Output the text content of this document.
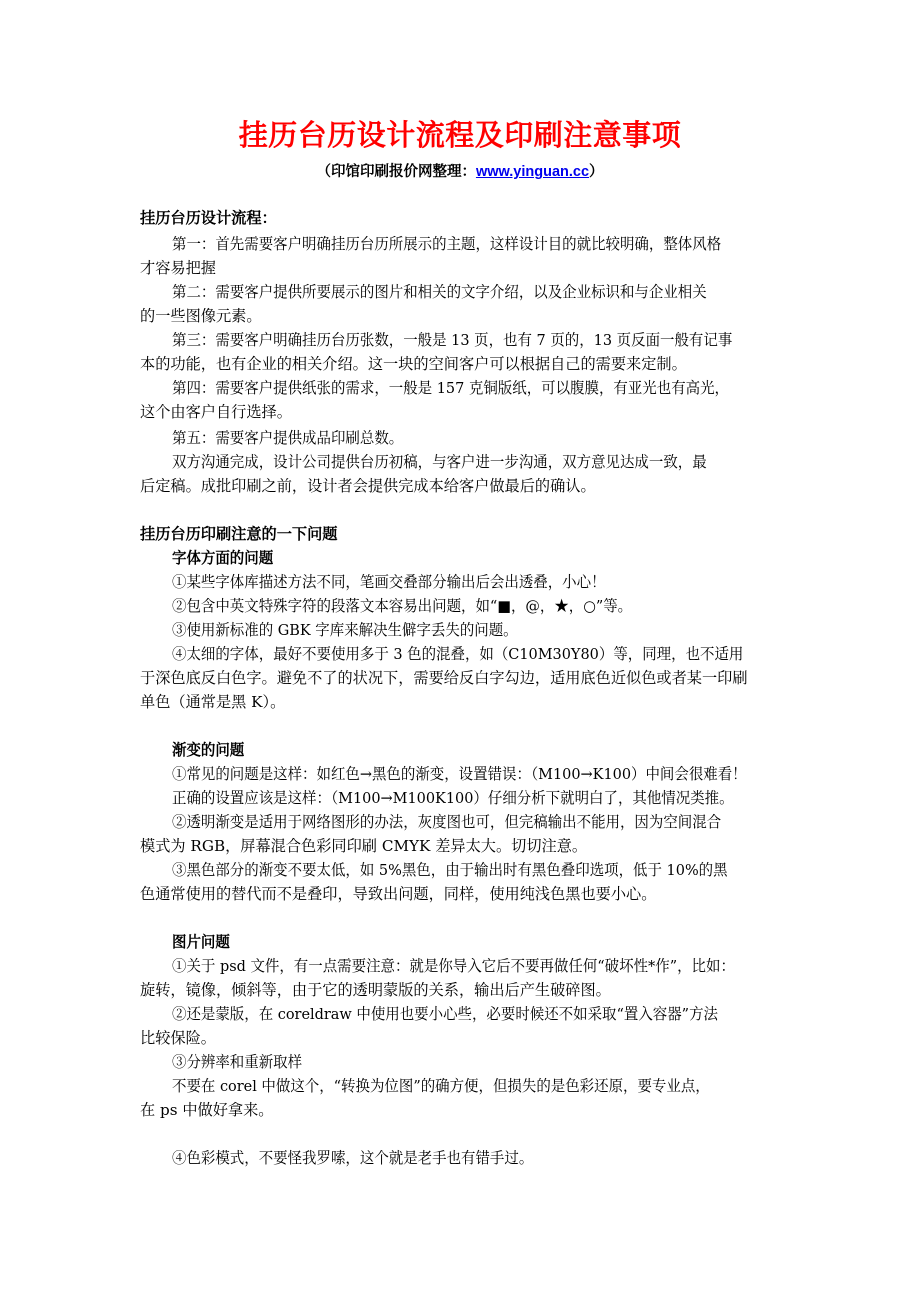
挂历台历设计流程及印刷注意事项
（印馆印刷报价网整理：www.yinguan.cc）
挂历台历设计流程：
第一：首先需要客户明确挂历台历所展示的主题，这样设计目的就比较明确，整体风格
才容易把握
第二：需要客户提供所要展示的图片和相关的文字介绍，以及企业标识和与企业相关
的一些图像元素。
第三：需要客户明确挂历台历张数，一般是 13 页，也有 7 页的，13 页反面一般有记事
本的功能，也有企业的相关介绍。这一块的空间客户可以根据自己的需要来定制。
第四：需要客户提供纸张的需求，一般是 157 克铜版纸，可以腹膜，有亚光也有高光，
这个由客户自行选择。
第五：需要客户提供成品印刷总数。
双方沟通完成，设计公司提供台历初稿，与客户进一步沟通，双方意见达成一致，最
后定稿。成批印刷之前，设计者会提供完成本给客户做最后的确认。
挂历台历印刷注意的一下问题
字体方面的问题
①某些字体库描述方法不同，笔画交叠部分输出后会出透叠，小心！
②包含中英文特殊字符的段落文本容易出问题，如“■，@，★，○”等。
③使用新标准的 GBK 字库来解决生僻字丢失的问题。
④太细的字体，最好不要使用多于 3 色的混叠，如（C10M30Y80）等，同理，也不适用
于深色底反白色字。避免不了的状况下，需要给反白字勾边，适用底色近似色或者某一印刷
单色（通常是黑 K）。
渐变的问题
①常见的问题是这样：如红色→黑色的渐变，设置错误：（M100→K100）中间会很难看！
正确的设置应该是这样：（M100→M100K100）仔细分析下就明白了，其他情况类推。
②透明渐变是适用于网络图形的办法，灰度图也可，但完稿输出不能用，因为空间混合
模式为 RGB，屏幕混合色彩同印刷 CMYK 差异太大。切切注意。
③黑色部分的渐变不要太低，如 5%黑色，由于输出时有黑色叠印选项，低于 10%的黑
色通常使用的替代而不是叠印，导致出问题，同样，使用纯浅色黑也要小心。
图片问题
①关于 psd 文件，有一点需要注意：就是你导入它后不要再做任何“破坏性*作”，比如：
旋转，镜像，倾斜等，由于它的透明蒙版的关系，输出后产生破碎图。
②还是蒙版，在 coreldraw 中使用也要小心些，必要时候还不如采取“置入容器”方法
比较保险。
③分辨率和重新取样
不要在 corel 中做这个，“转换为位图”的确方便，但损失的是色彩还原，要专业点，
在 ps 中做好拿来。
④色彩模式，不要怪我罗嗦，这个就是老手也有错手过。
